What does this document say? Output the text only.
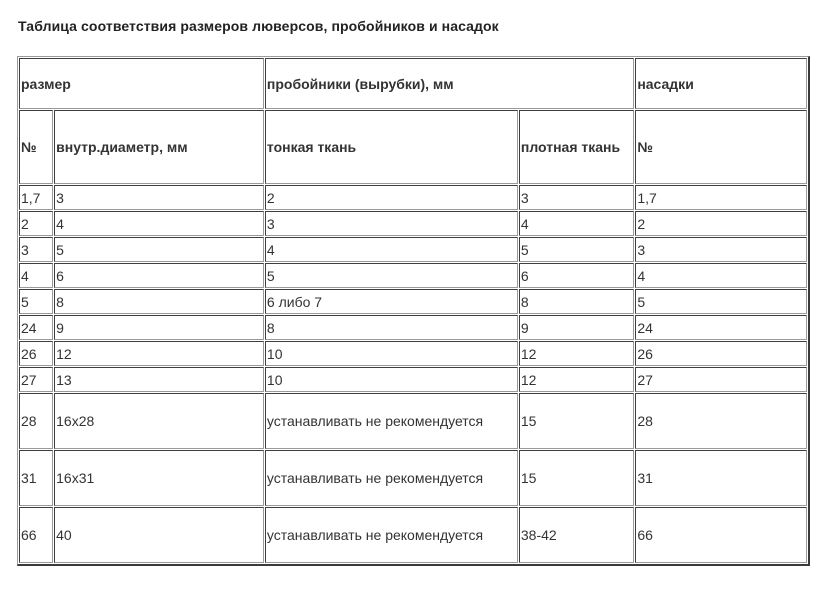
Таблица соответствия размеров люверсов, пробойников и насадок
размер		пробойники (вырубки), мм		насадки
№	внутр.диаметр, мм	тонкая ткань	плотная ткань	№
1,7	3	2	3	1,7
2	4	3	4	2
3	5	4	5	3
4	6	5	6	4
5	8	6 либо 7	8	5
24	9	8	9	24
26	12	10	12	26
27	13	10	12	27
28	16x28	устанавливать не рекомендуется	15	28
31	16x31	устанавливать не рекомендуется	15	31
66	40	устанавливать не рекомендуется	38-42	66
